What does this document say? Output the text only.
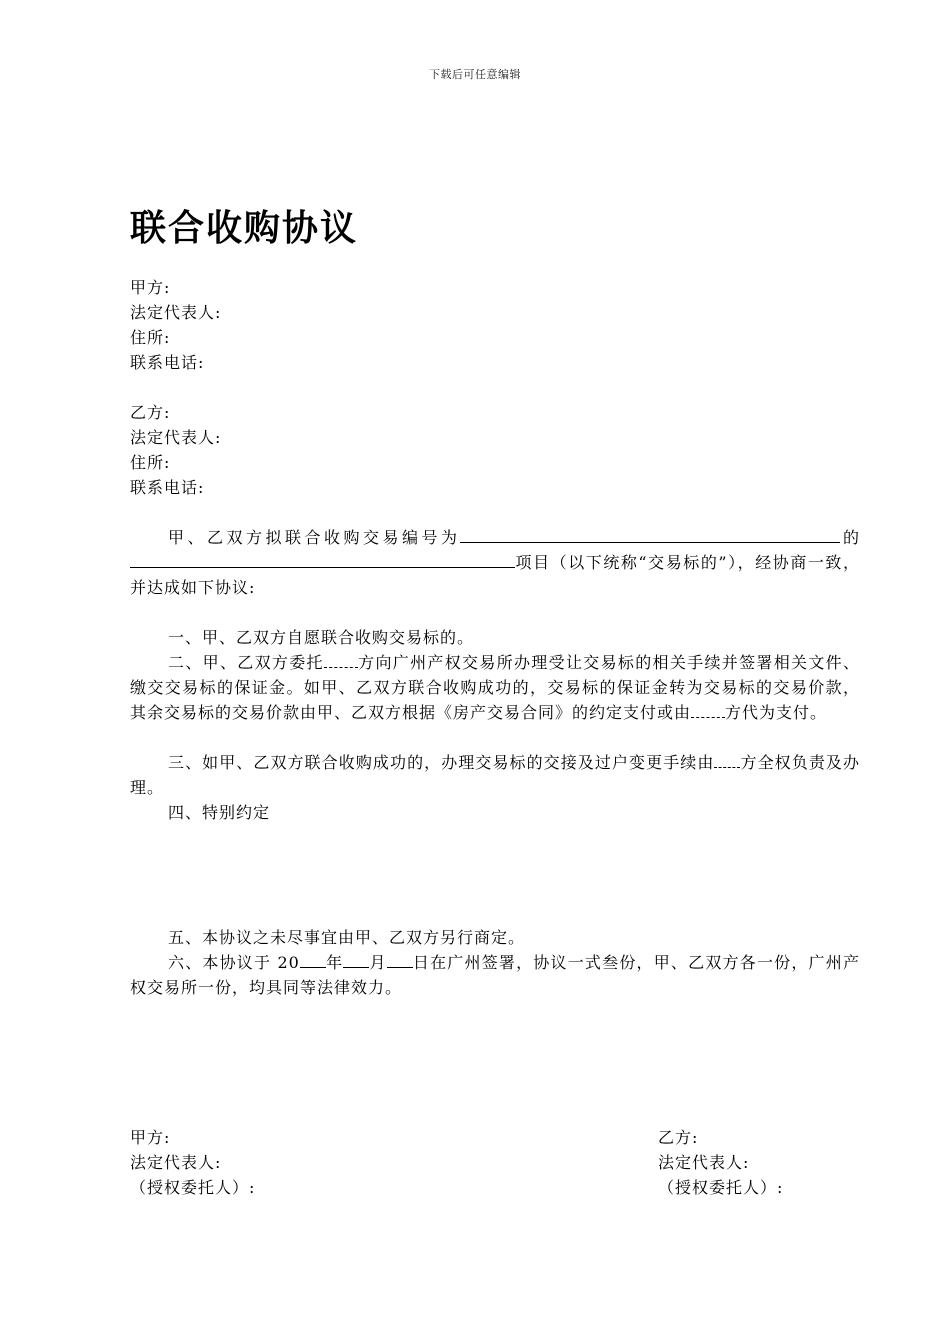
下载后可任意编辑
联合收购协议
甲方:
法定代表人:
住所:
联系电话:
乙方:
法定代表人:
住所:
联系电话:
甲、乙双方拟联合收购交易编号为	的项目（以下统称“交易标的”），经协商一致，并达成如下协议:
一、甲、乙双方自愿联合收购交易标的。
二、甲、乙双方委托 方向广州产权交易所办理受让交易标的相关手续并签署相关文件、缴交交易标的保证金。如甲、乙双方联合收购成功的，交易标的保证金转为交易标的交易价款，其余交易标的交易价款由甲、乙双方根据《房产交易合同》的约定支付或由 方代为支付。
三、如甲、乙双方联合收购成功的，办理交易标的交接及过户变更手续由 方全权负责及办理。
四、特别约定
五、本协议之未尽事宜由甲、乙双方另行商定。
六、本协议于 20 年 月 日在广州签署，协议一式叁份，甲、乙双方各一份，广州产权交易所一份，均具同等法律效力。
甲方:
法定代表人:
（授权委托人）:
乙方:
法定代表人:
（授权委托人）:
